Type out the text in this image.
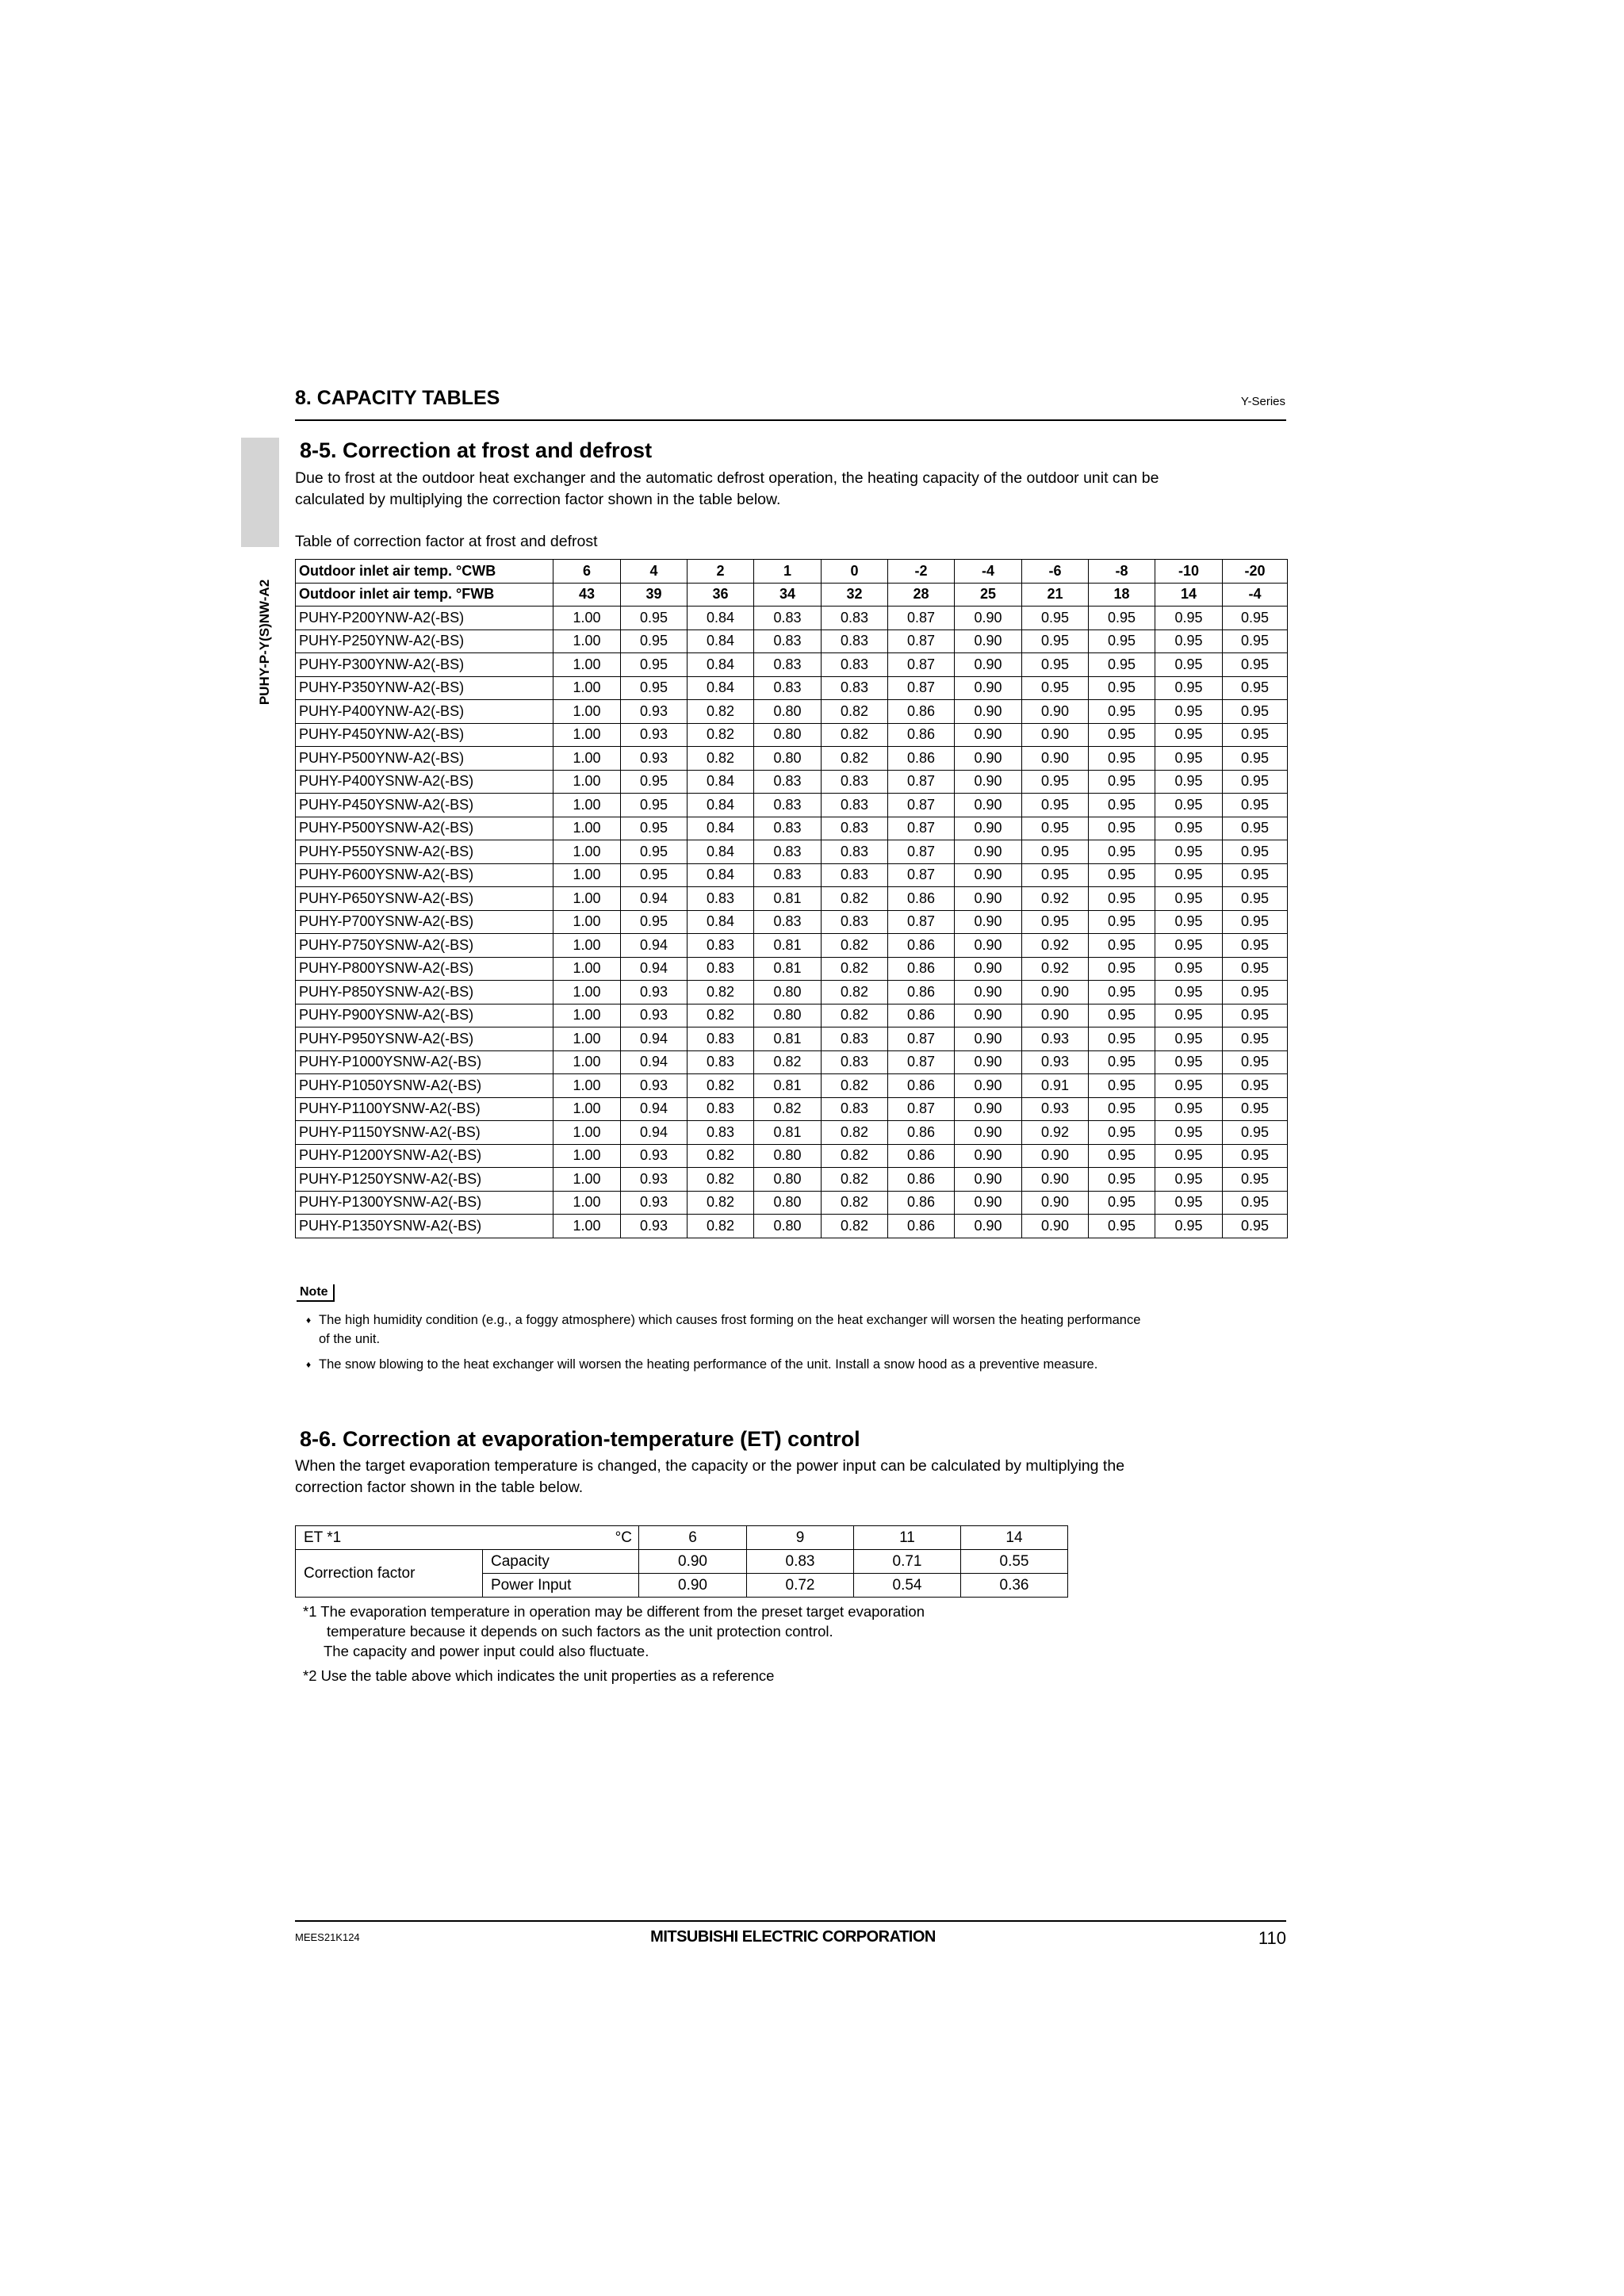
8. CAPACITY TABLES	Y-Series
PUHY-P-Y(S)NW-A2
8-5. Correction at frost and defrost
Due to frost at the outdoor heat exchanger and the automatic defrost operation, the heating capacity of the outdoor unit can be
calculated by multiplying the correction factor shown in the table below.
Table of correction factor at frost and defrost
Outdoor inlet air temp. °CWB	6	4	2	1	0	-2	-4	-6	-8	-10	-20
Outdoor inlet air temp. °FWB	43	39	36	34	32	28	25	21	18	14	-4
PUHY-P200YNW-A2(-BS)	1.00	0.95	0.84	0.83	0.83	0.87	0.90	0.95	0.95	0.95	0.95
PUHY-P250YNW-A2(-BS)	1.00	0.95	0.84	0.83	0.83	0.87	0.90	0.95	0.95	0.95	0.95
PUHY-P300YNW-A2(-BS)	1.00	0.95	0.84	0.83	0.83	0.87	0.90	0.95	0.95	0.95	0.95
PUHY-P350YNW-A2(-BS)	1.00	0.95	0.84	0.83	0.83	0.87	0.90	0.95	0.95	0.95	0.95
PUHY-P400YNW-A2(-BS)	1.00	0.93	0.82	0.80	0.82	0.86	0.90	0.90	0.95	0.95	0.95
PUHY-P450YNW-A2(-BS)	1.00	0.93	0.82	0.80	0.82	0.86	0.90	0.90	0.95	0.95	0.95
PUHY-P500YNW-A2(-BS)	1.00	0.93	0.82	0.80	0.82	0.86	0.90	0.90	0.95	0.95	0.95
PUHY-P400YSNW-A2(-BS)	1.00	0.95	0.84	0.83	0.83	0.87	0.90	0.95	0.95	0.95	0.95
PUHY-P450YSNW-A2(-BS)	1.00	0.95	0.84	0.83	0.83	0.87	0.90	0.95	0.95	0.95	0.95
PUHY-P500YSNW-A2(-BS)	1.00	0.95	0.84	0.83	0.83	0.87	0.90	0.95	0.95	0.95	0.95
PUHY-P550YSNW-A2(-BS)	1.00	0.95	0.84	0.83	0.83	0.87	0.90	0.95	0.95	0.95	0.95
PUHY-P600YSNW-A2(-BS)	1.00	0.95	0.84	0.83	0.83	0.87	0.90	0.95	0.95	0.95	0.95
PUHY-P650YSNW-A2(-BS)	1.00	0.94	0.83	0.81	0.82	0.86	0.90	0.92	0.95	0.95	0.95
PUHY-P700YSNW-A2(-BS)	1.00	0.95	0.84	0.83	0.83	0.87	0.90	0.95	0.95	0.95	0.95
PUHY-P750YSNW-A2(-BS)	1.00	0.94	0.83	0.81	0.82	0.86	0.90	0.92	0.95	0.95	0.95
PUHY-P800YSNW-A2(-BS)	1.00	0.94	0.83	0.81	0.82	0.86	0.90	0.92	0.95	0.95	0.95
PUHY-P850YSNW-A2(-BS)	1.00	0.93	0.82	0.80	0.82	0.86	0.90	0.90	0.95	0.95	0.95
PUHY-P900YSNW-A2(-BS)	1.00	0.93	0.82	0.80	0.82	0.86	0.90	0.90	0.95	0.95	0.95
PUHY-P950YSNW-A2(-BS)	1.00	0.94	0.83	0.81	0.83	0.87	0.90	0.93	0.95	0.95	0.95
PUHY-P1000YSNW-A2(-BS)	1.00	0.94	0.83	0.82	0.83	0.87	0.90	0.93	0.95	0.95	0.95
PUHY-P1050YSNW-A2(-BS)	1.00	0.93	0.82	0.81	0.82	0.86	0.90	0.91	0.95	0.95	0.95
PUHY-P1100YSNW-A2(-BS)	1.00	0.94	0.83	0.82	0.83	0.87	0.90	0.93	0.95	0.95	0.95
PUHY-P1150YSNW-A2(-BS)	1.00	0.94	0.83	0.81	0.82	0.86	0.90	0.92	0.95	0.95	0.95
PUHY-P1200YSNW-A2(-BS)	1.00	0.93	0.82	0.80	0.82	0.86	0.90	0.90	0.95	0.95	0.95
PUHY-P1250YSNW-A2(-BS)	1.00	0.93	0.82	0.80	0.82	0.86	0.90	0.90	0.95	0.95	0.95
PUHY-P1300YSNW-A2(-BS)	1.00	0.93	0.82	0.80	0.82	0.86	0.90	0.90	0.95	0.95	0.95
PUHY-P1350YSNW-A2(-BS)	1.00	0.93	0.82	0.80	0.82	0.86	0.90	0.90	0.95	0.95	0.95
Note
♦ The high humidity condition (e.g., a foggy atmosphere) which causes frost forming on the heat exchanger will worsen the heating performance
of the unit.
♦ The snow blowing to the heat exchanger will worsen the heating performance of the unit. Install a snow hood as a preventive measure.
8-6. Correction at evaporation-temperature (ET) control
When the target evaporation temperature is changed, the capacity or the power input can be calculated by multiplying the
correction factor shown in the table below.
ET *1 °C		6	9	11	14
Correction factor	Capacity	0.90	0.83	0.71	0.55
	Power Input	0.90	0.72	0.54	0.36
*1 The evaporation temperature in operation may be different from the preset target evaporation
temperature because it depends on such factors as the unit protection control.
The capacity and power input could also fluctuate.
*2 Use the table above which indicates the unit properties as a reference
MEES21K124	MITSUBISHI ELECTRIC CORPORATION	110
